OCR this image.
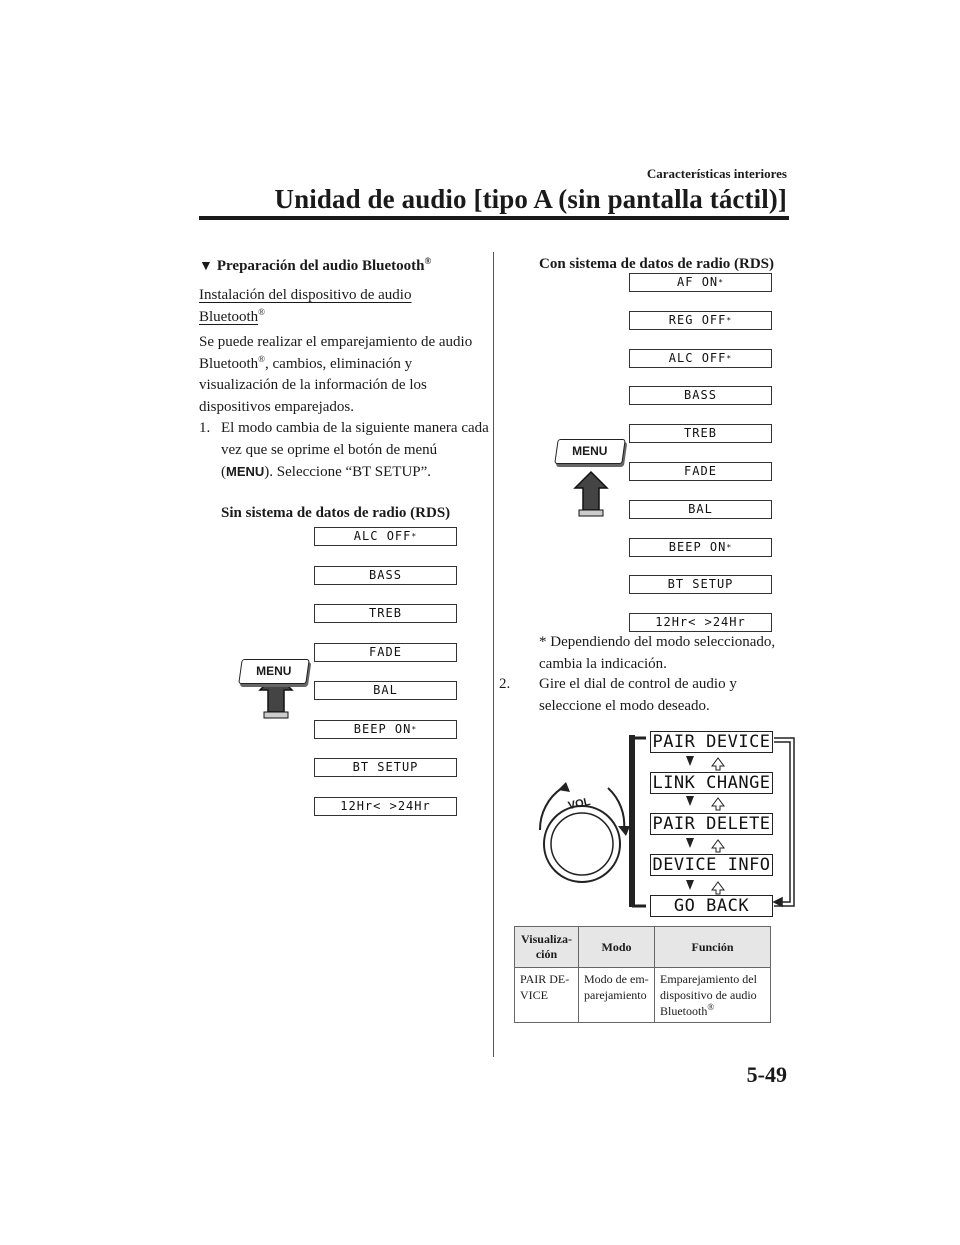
Características interiores
Unidad de audio [tipo A (sin pantalla táctil)]
▼ Preparación del audio Bluetooth®
Instalación del dispositivo de audio Bluetooth®
Se puede realizar el emparejamiento de audio Bluetooth®, cambios, eliminación y visualización de la información de los dispositivos emparejados.
1. El modo cambia de la siguiente manera cada vez que se oprime el botón de menú (MENU). Seleccione “BT SETUP”.
Sin sistema de datos de radio (RDS)
ALC OFF*
BASS
TREB
FADE
BAL
BEEP ON*
BT SETUP
12Hr< >24Hr
MENU
Con sistema de datos de radio (RDS)
AF ON*
REG OFF*
ALC OFF*
BASS
TREB
FADE
BAL
BEEP ON*
BT SETUP
12Hr< >24Hr
MENU
* Dependiendo del modo seleccionado, cambia la indicación.
2. Gire el dial de control de audio y seleccione el modo deseado.
VOL
PAIR DEVICE
LINK CHANGE
PAIR DELETE
DEVICE INFO
GO BACK
Visualiza-ción	Modo	Función
PAIR DE-VICE	Modo de em-parejamiento	Emparejamiento del dispositivo de audio Bluetooth®
5-49
